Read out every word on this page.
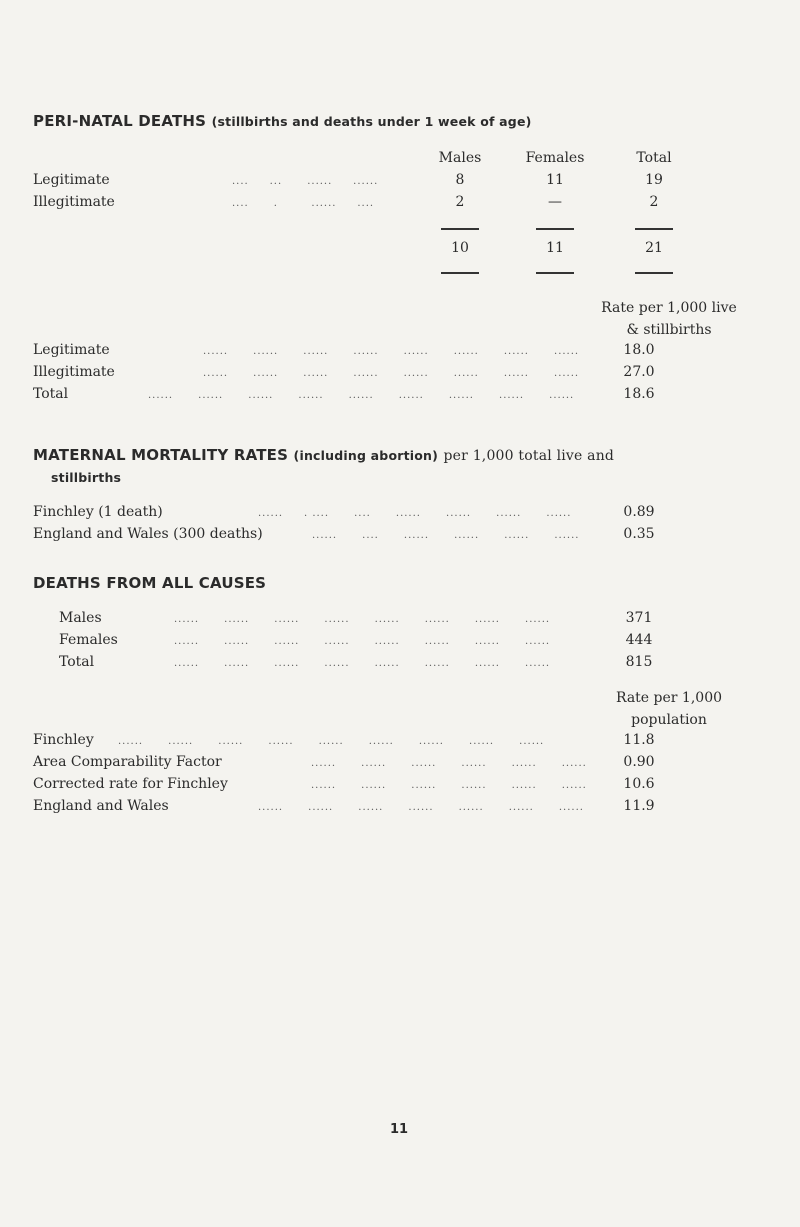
PERI-NATAL DEATHS (stillbirths and deaths under 1 week of age)
Males	Females	Total
Legitimate	....     ...      ......     ......	8	11	19
Illegitimate	....      .        ......     ....	2	—	2
10	11	21
Rate per 1,000 live & stillbirths
Legitimate	......      ......      ......      ......      ......      ......      ......      ......	18.0
Illegitimate	......      ......      ......      ......      ......      ......      ......      ......	27.0
Total	......      ......      ......      ......      ......      ......      ......      ......      ......	18.6
MATERNAL MORTALITY RATES (including abortion) per 1,000 total live and
stillbirths
Finchley (1 death)	......     . ....      ....      ......      ......      ......      ......	0.89
England and Wales (300 deaths)	......      ....      ......      ......      ......      ......	0.35
DEATHS FROM ALL CAUSES
Males	......      ......      ......      ......      ......      ......      ......      ......	371
Females	......      ......      ......      ......      ......      ......      ......      ......	444
Total	......      ......      ......      ......      ......      ......      ......      ......	815
Rate per 1,000 population
Finchley ......      ......      ......      ......      ......      ......      ......      ......      ......	11.8
Area Comparability Factor	......      ......      ......      ......      ......      ......	0.90
Corrected rate for Finchley	......      ......      ......      ......      ......      ......	10.6
England and Wales	......      ......      ......      ......      ......      ......      ......	11.9
11
